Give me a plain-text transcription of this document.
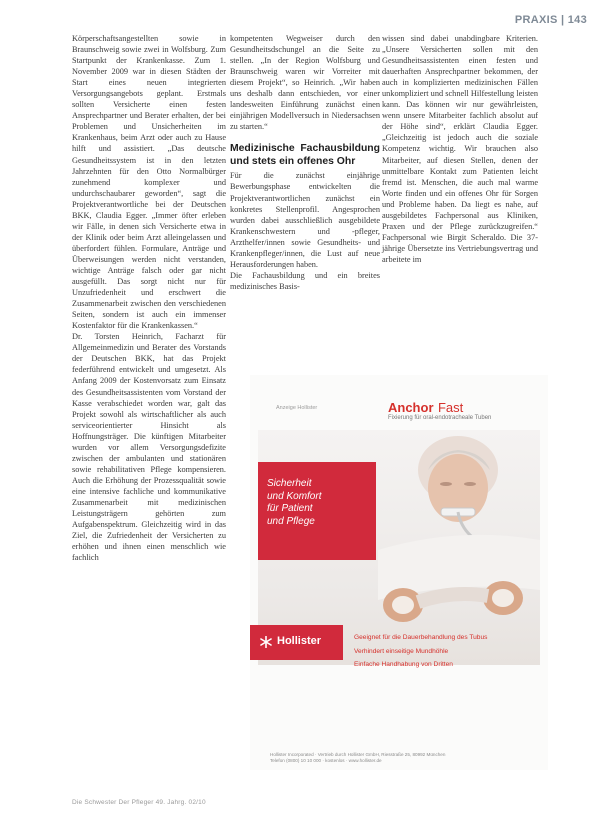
PRAXIS | 143

Körperschaftsangestellten sowie in Braunschweig sowie zwei in Wolfsburg. Zum Startpunkt der Krankenkasse. Zum 1. November 2009 war in diesen Städten der Start eines neuen integrierten Versorgungsangebots geplant. Erstmals sollten Versicherte einen festen Ansprechpartner und Berater erhalten, der bei Problemen und Unsicherheiten im Krankenhaus, beim Arzt oder auch zu Hause hilft und assistiert. „Das deutsche Gesundheitssystem ist in den letzten Jahrzehnten für den Otto Normalbürger zunehmend komplexer und undurchschaubarer geworden“, sagt die Projektverantwortliche bei der Deutschen BKK, Claudia Egger. „Immer öfter erleben wir Fälle, in denen sich Versicherte etwa in der Klinik oder beim Arzt alleingelassen und überfordert fühlen. Formulare, Anträge und Überweisungen werden nicht verstanden, wichtige Anträge falsch oder gar nicht ausgefüllt. Das sorgt nicht nur für Unzufriedenheit und erschwert die Zusammenarbeit zwischen den verschiedenen Seiten, sondern ist auch ein immenser Kostenfaktor für die Krankenkassen.“

Dr. Torsten Heinrich, Facharzt für Allgemeinmedizin und Berater des Vorstands der Deutschen BKK, hat das Projekt federführend entwickelt und umgesetzt. Als Anfang 2009 der Kostenvorsatz zum Einsatz des Gesundheitsassistenten vom Vorstand der Kasse verabschiedet worden war, galt das Projekt sowohl als wirtschaftlicher als auch serviceorientierter Hinsicht als Hoffnungsträger. Die künftigen Mitarbeiter wurden vor allem Versorgungsdefizite zwischen der ambulanten und stationären sowie rehabilitativen Pflege kompensieren. Auch die Erhöhung der Prozessqualität sowie eine intensive fachliche und kommunikative Zusammenarbeit mit medizinischen Leistungsträgern gehörten zum Aufgabenspektrum. Gleichzeitig wird in das Ziel, die Zufriedenheit der Versicherten zu erhöhen und ihnen einen menschlich wie fachlich

kompetenten Wegweiser durch den Gesundheitsdschungel an die Seite zu stellen. „In der Region Wolfsburg und Braunschweig waren wir Vorreiter mit diesem Projekt“, so Heinrich. „Wir haben uns deshalb dann entschieden, vor einer landesweiten Einführung zunächst einen einjährigen Modellversuch in Niedersachsen zu starten.“

Medizinische Fachausbildung und stets ein offenes Ohr

Für die zunächst einjährige Bewerbungsphase entwickelten die Projektverantwortlichen zunächst ein konkretes Stellenprofil. Angesprochen wurden dabei ausschließlich ausgebildete Krankenschwestern und -pfleger, Arzthelfer/innen sowie Gesundheits- und Krankenpfleger/innen, die Lust auf neue Herausforderungen haben.

Die Fachausbildung und ein breites medizinisches Basis-

wissen sind dabei unabdingbare Kriterien. „Unsere Versicherten sollen mit den Gesundheitsassistenten einen festen und dauerhaften Ansprechpartner bekommen, der auch in komplizierten medizinischen Fällen unkompliziert und schnell Hilfestellung leisten kann. Das können wir nur gewährleisten, wenn unsere Mitarbeiter fachlich absolut auf der Höhe sind“, erklärt Claudia Egger. „Gleichzeitig ist jedoch auch die soziale Kompetenz wichtig. Wir brauchen also Mitarbeiter, auf diesen Stellen, denen der unmittelbare Kontakt zum Patienten leicht fremd ist. Menschen, die auch mal warme Worte finden und ein offenes Ohr für Sorgen und Probleme haben. Da liegt es nahe, auf ausgebildetes Fachpersonal aus Kliniken, Praxen und der Pflege zurückzugreifen.“ Fachpersonal wie Birgit Scheraldo. Die 37-jährige Übersetzte ins Vertriebungsvertrag und arbeitete im

Anzeige Hollister	Anchor Fast
Fixierung für oral-endotracheale Tuben
Sicherheit
und Komfort
für Patient
und Pflege
Hollister	Geeignet für die Dauerbehandlung des Tubus
Verhindert einseitige Mundhöhle
Einfache Handhabung von Dritten
Hollister Incorporated · Vertrieb durch Hollister GmbH, Riesstraße 25, 80992 München
Telefon (0800) 10 10 000 · kostenlos · www.hollister.de
Die Schwester Der Pfleger 49. Jahrg. 02/10
